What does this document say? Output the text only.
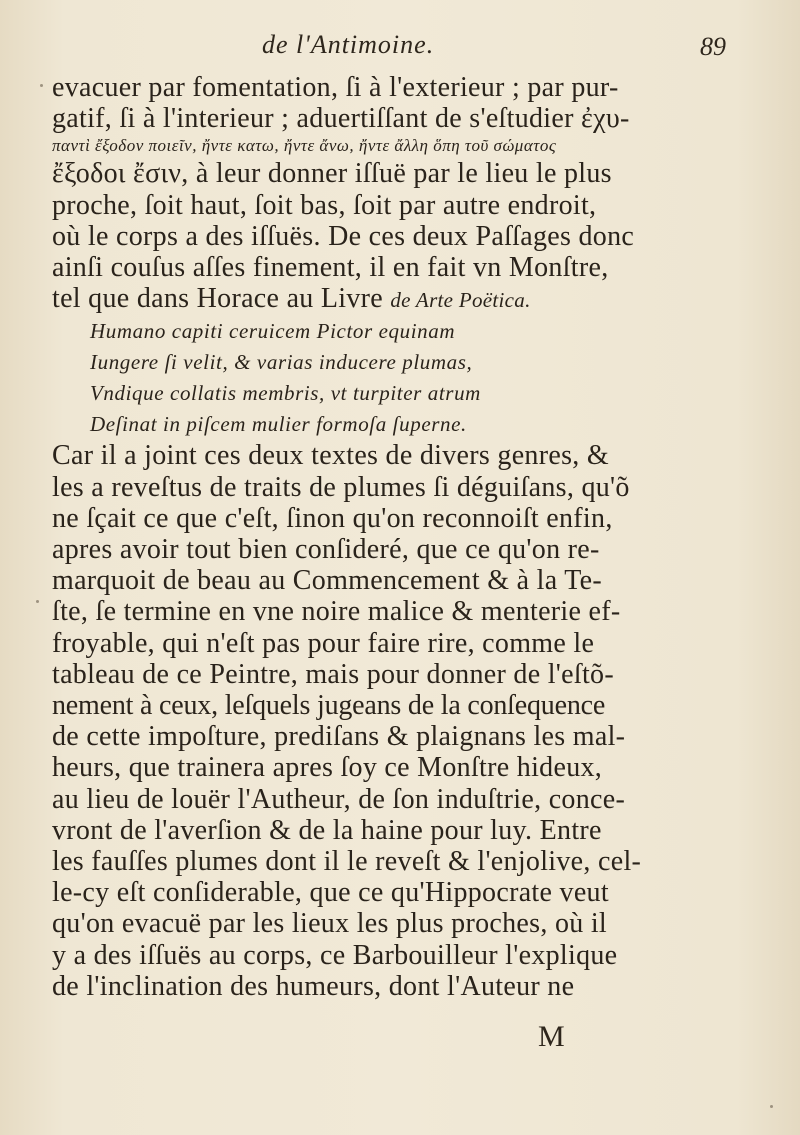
de l'Antimoine.	89
evacuer par fomentation, ſi à l'exterieur ; par pur-
gatif, ſi à l'interieur ; aduertiſſant de s'eſtudier ἐχυ-
παντὶ ἔξοδον ποιεῖν, ἤντε κατω, ἤντε ἄνω, ἤντε ἄλλη ὅπη τοῦ σώματος
ἔξοδοι ἔσιν, à leur donner iſſuë par le lieu le plus
proche, ſoit haut, ſoit bas, ſoit par autre endroit,
où le corps a des iſſuës. De ces deux Paſſages donc
ainſi couſus aſſes finement, il en fait vn Monſtre,
tel que dans Horace au Livre de Arte Poëtica.
Humano capiti ceruicem Pictor equinam
Iungere ſi velit, & varias inducere plumas,
Vndique collatis membris, vt turpiter atrum
Deſinat in piſcem mulier formoſa ſuperne.
Car il a joint ces deux textes de divers genres, &
les a reveſtus de traits de plumes ſi déguiſans, qu'õ
ne ſçait ce que c'eſt, ſinon qu'on reconnoiſt enfin,
apres avoir tout bien conſideré, que ce qu'on re-
marquoit de beau au Commencement & à la Te-
ſte, ſe termine en vne noire malice & menterie ef-
froyable, qui n'eſt pas pour faire rire, comme le
tableau de ce Peintre, mais pour donner de l'eſtõ-
nement à ceux, leſquels jugeans de la conſequence
de cette impoſture, prediſans & plaignans les mal-
heurs, que trainera apres ſoy ce Monſtre hideux,
au lieu de louër l'Autheur, de ſon induſtrie, conce-
vront de l'averſion & de la haine pour luy. Entre
les fauſſes plumes dont il le reveſt & l'enjolive, cel-
le-cy eſt conſiderable, que ce qu'Hippocrate veut
qu'on evacuë par les lieux les plus proches, où il
y a des iſſuës au corps, ce Barbouilleur l'explique
de l'inclination des humeurs, dont l'Auteur ne
M
